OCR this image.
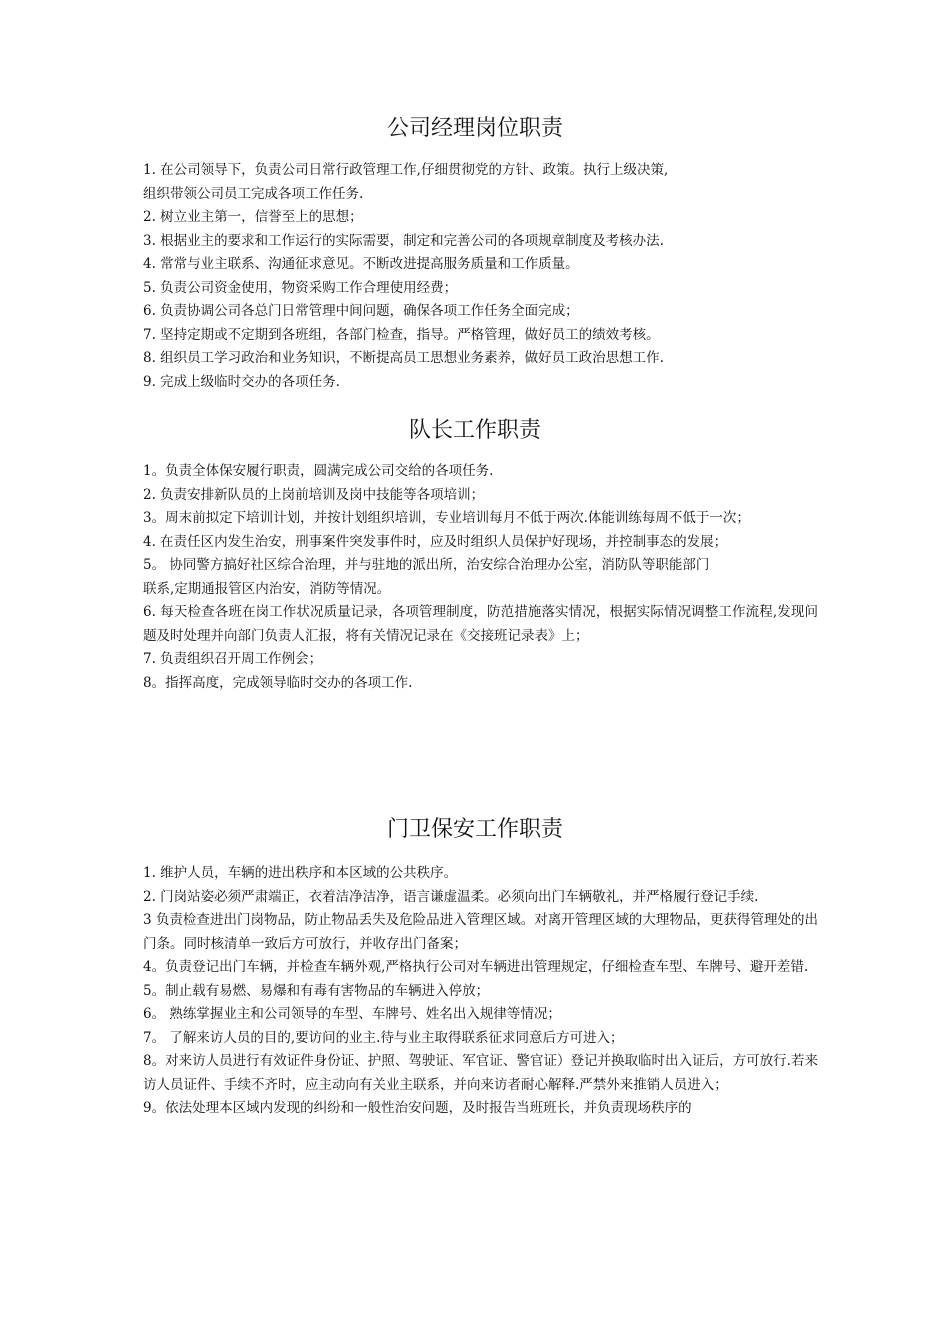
公司经理岗位职责
1. 在公司领导下，负责公司日常行政管理工作,仔细贯彻党的方针、政策。执行上级决策,
组织带领公司员工完成各项工作任务.
2. 树立业主第一，信誉至上的思想；
3. 根据业主的要求和工作运行的实际需要，制定和完善公司的各项规章制度及考核办法.
4. 常常与业主联系、沟通征求意见。不断改进提高服务质量和工作质量。
5. 负责公司资金使用，物资采购工作合理使用经费；
6. 负责协调公司各总门日常管理中间问题，确保各项工作任务全面完成；
7. 坚持定期或不定期到各班组，各部门检查，指导。严格管理，做好员工的绩效考核。
8. 组织员工学习政治和业务知识，不断提高员工思想业务素养，做好员工政治思想工作.
9. 完成上级临时交办的各项任务.
队长工作职责
1。负责全体保安履行职责，圆满完成公司交给的各项任务.
2. 负责安排新队员的上岗前培训及岗中技能等各项培训；
3。周末前拟定下培训计划，并按计划组织培训，专业培训每月不低于两次.体能训练每周不低于一次；
4. 在责任区内发生治安，刑事案件突发事件时，应及时组织人员保护好现场，并控制事态的发展；
5。 协同警方搞好社区综合治理，并与驻地的派出所，治安综合治理办公室，消防队等职能部门
联系,定期通报管区内治安，消防等情况。
6. 每天检查各班在岗工作状况质量记录，各项管理制度，防范措施落实情况，根据实际情况调整工作流程,发现问题及时处理并向部门负责人汇报，将有关情况记录在《交接班记录表》上；
7. 负责组织召开周工作例会；
8。指挥高度，完成领导临时交办的各项工作.
门卫保安工作职责
1. 维护人员，车辆的进出秩序和本区域的公共秩序。
2. 门岗站姿必须严肃端正，衣着洁净洁净，语言谦虚温柔。必须向出门车辆敬礼，并严格履行登记手续.
3 负责检查进出门岗物品，防止物品丢失及危险品进入管理区域。对离开管理区域的大理物品，更获得管理处的出门条。同时核清单一致后方可放行，并收存出门备案；
4。负责登记出门车辆，并检查车辆外观,严格执行公司对车辆进出管理规定，仔细检查车型、车牌号、避开差错.
5。制止载有易燃、易爆和有毒有害物品的车辆进入停放；
6。 熟练掌握业主和公司领导的车型、车牌号、姓名出入规律等情况；
7。 了解来访人员的目的,要访问的业主.待与业主取得联系征求同意后方可进入；
8。对来访人员进行有效证件身份证、护照、驾驶证、军官证、警官证）登记并换取临时出入证后，方可放行.若来访人员证件、手续不齐时，应主动向有关业主联系，并向来访者耐心解释.严禁外来推销人员进入；
9。依法处理本区域内发现的纠纷和一般性治安问题，及时报告当班班长，并负责现场秩序的
